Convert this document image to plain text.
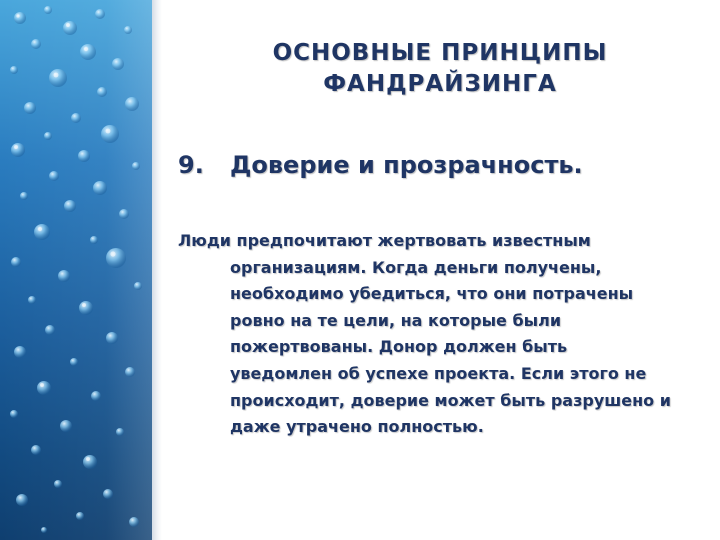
ОСНОВНЫЕ ПРИНЦИПЫ
ФАНДРАЙЗИНГА
9. Доверие и прозрачность.
Люди предпочитают жертвовать известным
организациям. Когда деньги получены,
необходимо убедиться, что они потрачены
ровно на те цели, на которые были
пожертвованы. Донор должен быть
уведомлен об успехе проекта. Если этого не
происходит, доверие может быть разрушено и
даже утрачено полностью.
